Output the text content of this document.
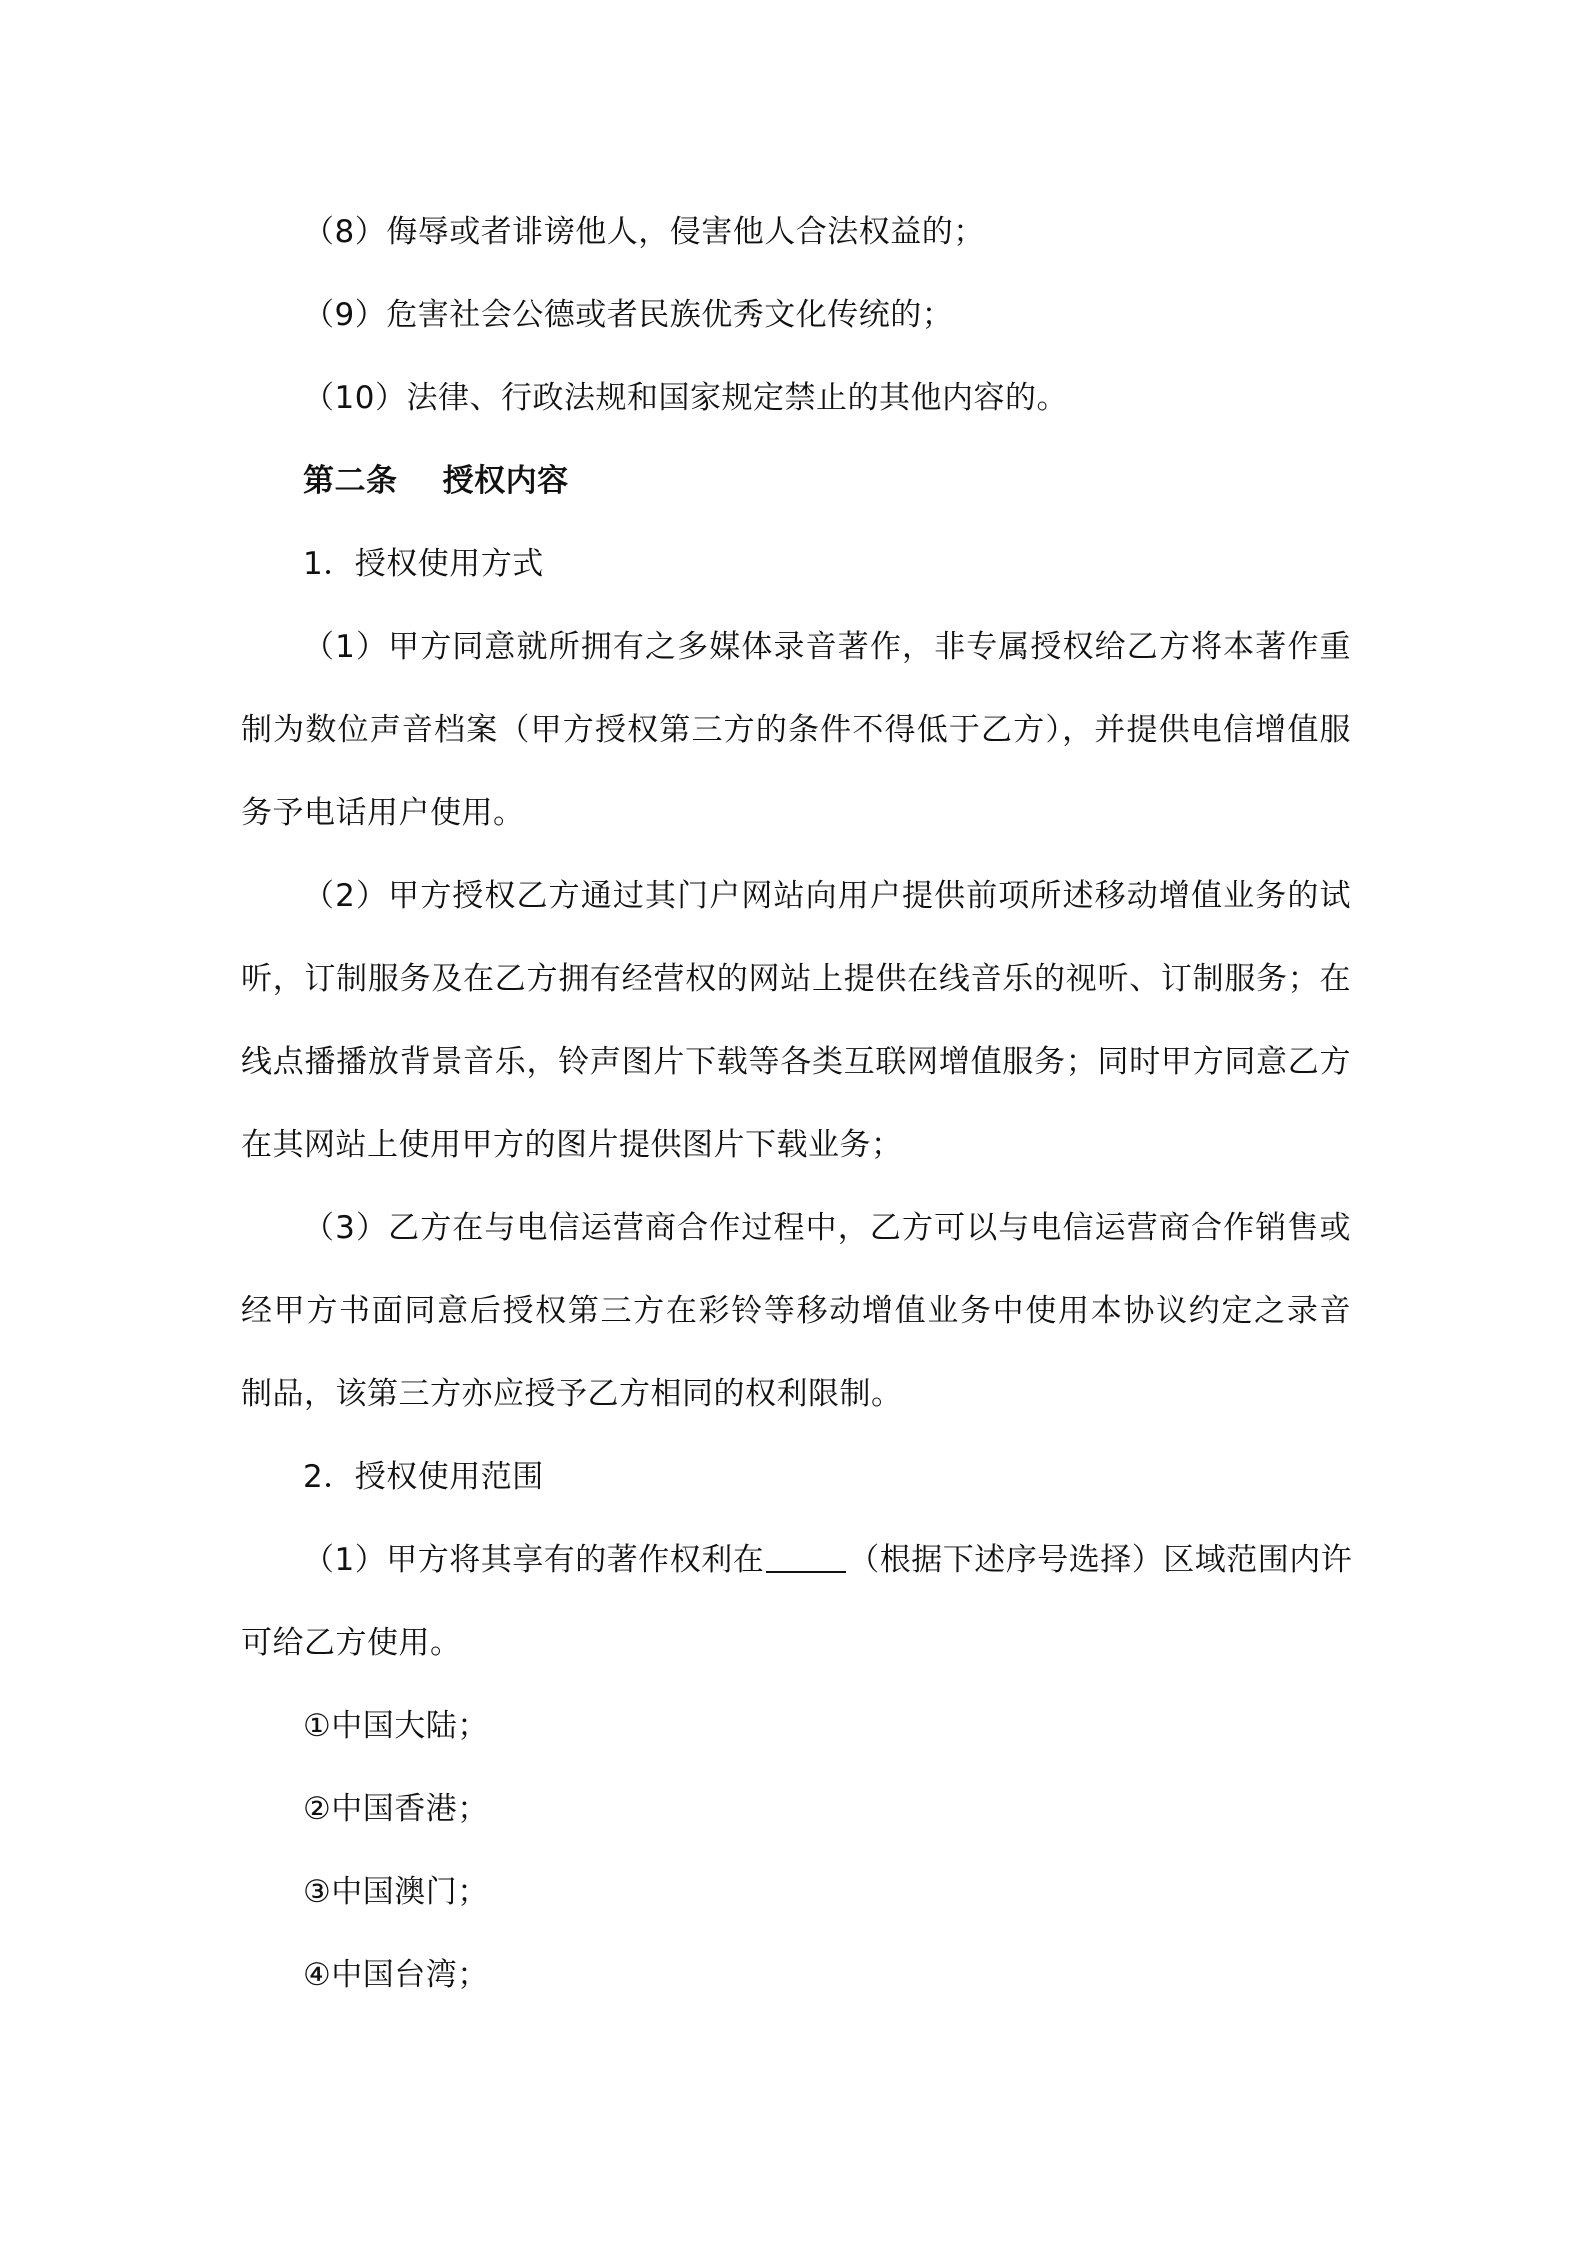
（8）侮辱或者诽谤他人，侵害他人合法权益的；
（9）危害社会公德或者民族优秀文化传统的；
（10）法律、行政法规和国家规定禁止的其他内容的。
第二条    授权内容
1．授权使用方式
（1）甲方同意就所拥有之多媒体录音著作，非专属授权给乙方将本著作重
制为数位声音档案（甲方授权第三方的条件不得低于乙方），并提供电信增值服
务予电话用户使用。
（2）甲方授权乙方通过其门户网站向用户提供前项所述移动增值业务的试
听，订制服务及在乙方拥有经营权的网站上提供在线音乐的视听、订制服务；在
线点播播放背景音乐，铃声图片下载等各类互联网增值服务；同时甲方同意乙方
在其网站上使用甲方的图片提供图片下载业务；
（3）乙方在与电信运营商合作过程中，乙方可以与电信运营商合作销售或
经甲方书面同意后授权第三方在彩铃等移动增值业务中使用本协议约定之录音
制品，该第三方亦应授予乙方相同的权利限制。
2．授权使用范围
（1）甲方将其享有的著作权利在	（根据下述序号选择）区域范围内许
可给乙方使用。
①中国大陆；
②中国香港；
③中国澳门；
④中国台湾；
